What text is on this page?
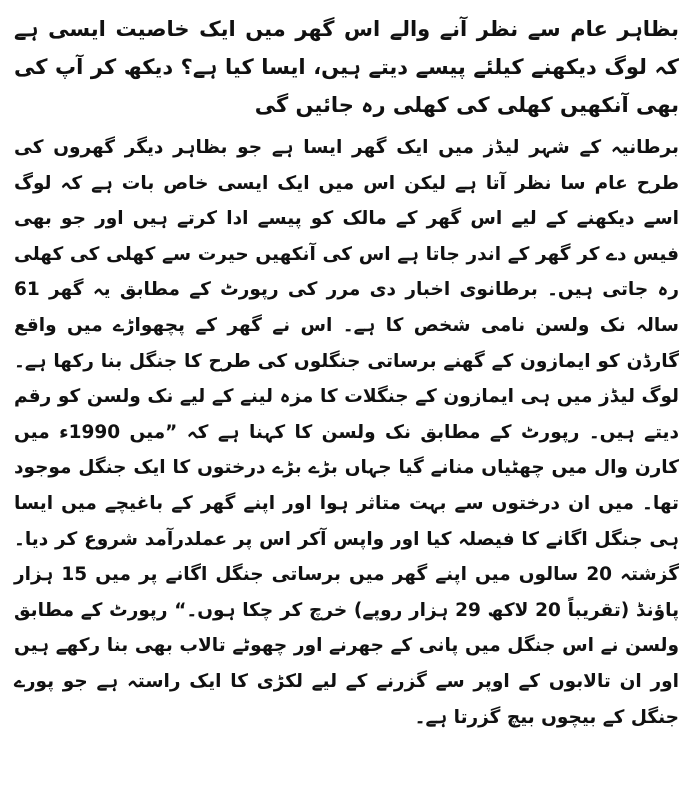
بظاہر عام سے نظر آنے والے اس گھر میں ایک خاصیت ایسی ہے کہ لوگ دیکھنے کیلئے پیسے دیتے ہیں، ایسا کیا ہے؟ دیکھ کر آپ کی بھی آنکھیں کھلی کی کھلی رہ جائیں گی

برطانیہ کے شہر لیڈز میں ایک گھر ایسا ہے جو بظاہر دیگر گھروں کی طرح عام سا نظر آتا ہے لیکن اس میں ایک ایسی خاص بات ہے کہ لوگ اسے دیکھنے کے لیے اس گھر کے مالک کو پیسے ادا کرتے ہیں اور جو بھی فیس دے کر گھر کے اندر جاتا ہے اس کی آنکھیں حیرت سے کھلی کی کھلی رہ جاتی ہیں۔ برطانوی اخبار دی مرر کی رپورٹ کے مطابق یہ گھر 61 سالہ نک ولسن نامی شخص کا ہے۔ اس نے گھر کے پچھواڑے میں واقع گارڈن کو ایمازون کے گھنے برساتی جنگلوں کی طرح کا جنگل بنا رکھا ہے۔ لوگ لیڈز میں ہی ایمازون کے جنگلات کا مزہ لینے کے لیے نک ولسن کو رقم دیتے ہیں۔ رپورٹ کے مطابق نک ولسن کا کہنا ہے کہ ”میں 1990ء میں کارن وال میں چھٹیاں منانے گیا جہاں بڑے بڑے درختوں کا ایک جنگل موجود تھا۔ میں ان درختوں سے بہت متاثر ہوا اور اپنے گھر کے باغیچے میں ایسا ہی جنگل اگانے کا فیصلہ کیا اور واپس آکر اس پر عملدرآمد شروع کر دیا۔ گزشتہ 20 سالوں میں اپنے گھر میں برساتی جنگل اگانے پر میں 15 ہزار پاؤنڈ (تقریباً 20 لاکھ 29 ہزار روپے) خرچ کر چکا ہوں۔“ رپورٹ کے مطابق ولسن نے اس جنگل میں پانی کے جھرنے اور چھوٹے تالاب بھی بنا رکھے ہیں اور ان تالابوں کے اوپر سے گزرنے کے لیے لکڑی کا ایک راستہ ہے جو پورے جنگل کے بیچوں بیچ گزرتا ہے۔
